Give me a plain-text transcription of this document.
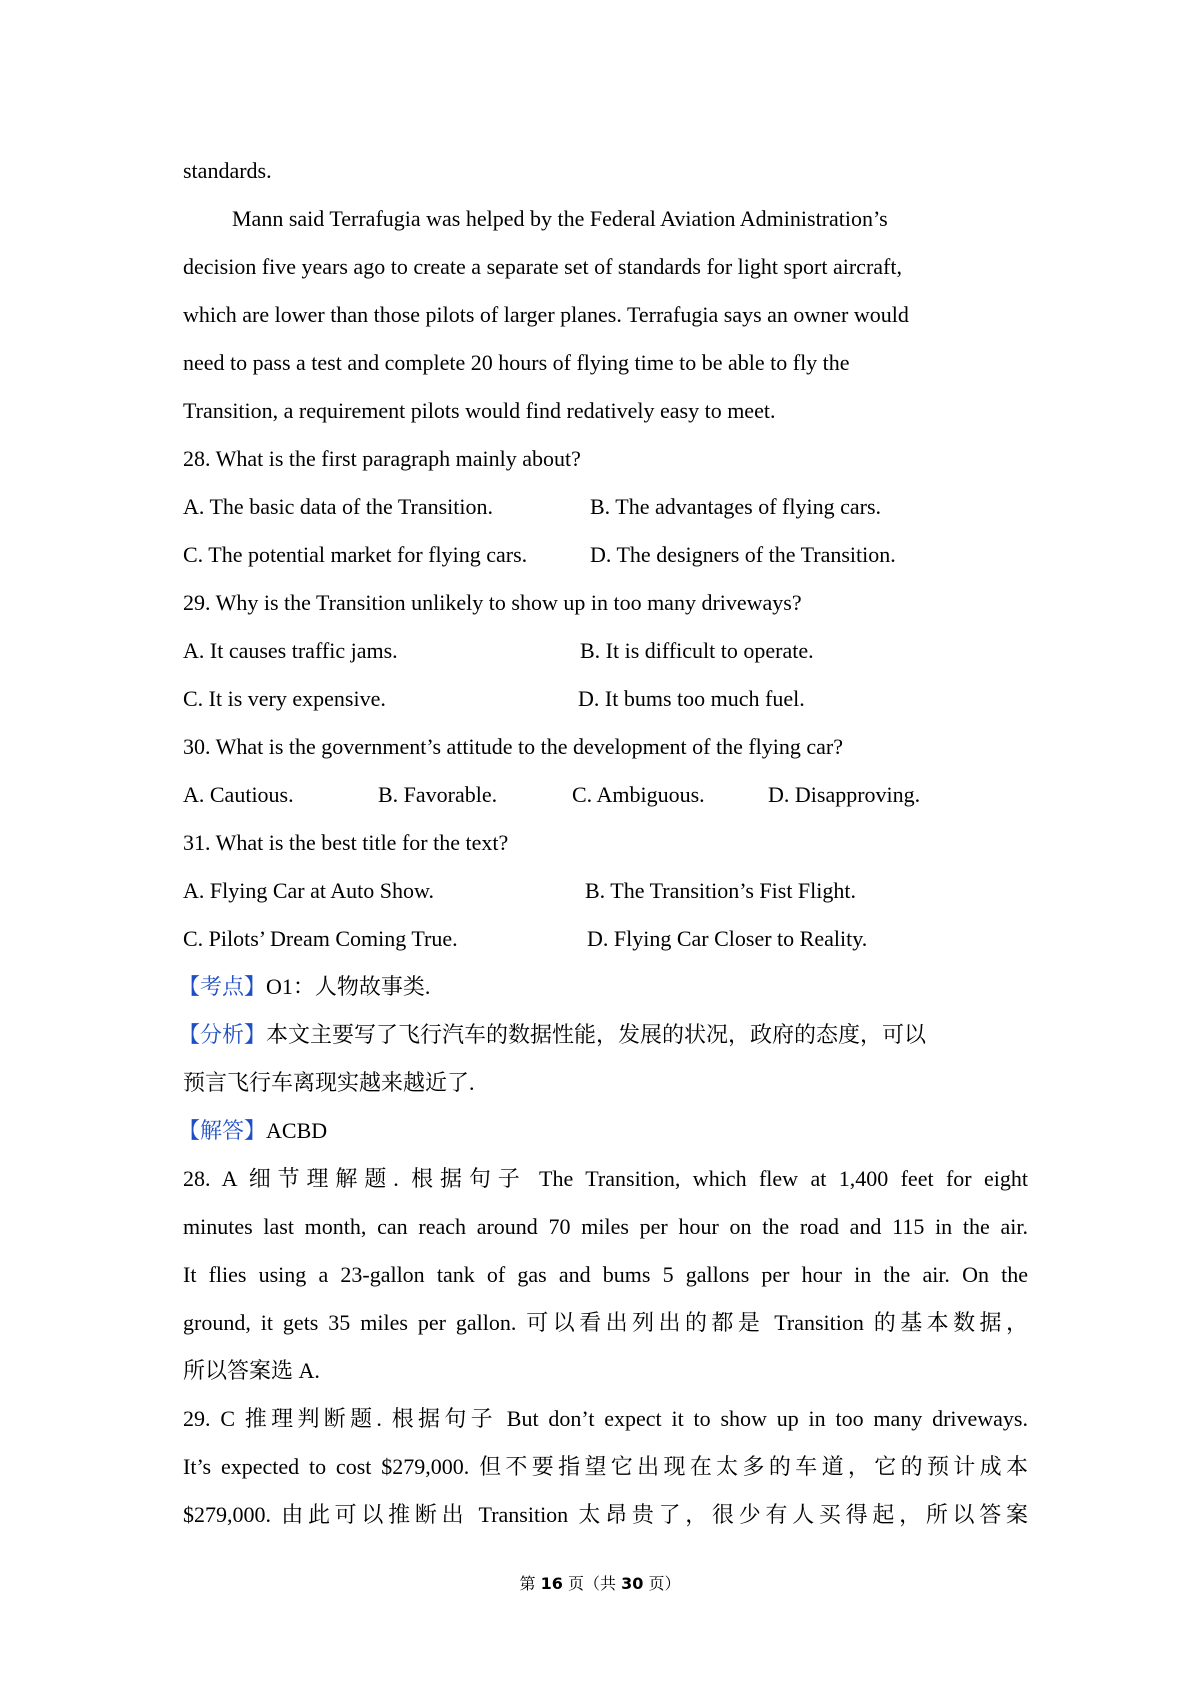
standards.
Mann said Terrafugia was helped by the Federal Aviation Administration’s
decision five years ago to create a separate set of standards for light sport aircraft,
which are lower than those pilots of larger planes. Terrafugia says an owner would
need to pass a test and complete 20 hours of flying time to be able to fly the
Transition, a requirement pilots would find redatively easy to meet.
28. What is the first paragraph mainly about?
A. The basic data of the Transition.	B. The advantages of flying cars.
C. The potential market for flying cars.	D. The designers of the Transition.
29. Why is the Transition unlikely to show up in too many driveways?
A. It causes traffic jams.	B. It is difficult to operate.
C. It is very expensive.	D. It bums too much fuel.
30. What is the government’s attitude to the development of the flying car?
A. Cautious.	B. Favorable.	C. Ambiguous.	D. Disapproving.
31. What is the best title for the text?
A. Flying Car at Auto Show.	B. The Transition’s Fist Flight.
C. Pilots’ Dream Coming True.	D. Flying Car Closer to Reality.
【考点】O1：人物故事类.
【分析】本文主要写了飞行汽车的数据性能，发展的状况，政府的态度，可以
预言飞行车离现实越来越近了.
【解答】ACBD
28. A 细节理解题. 根据句子 The Transition, which flew at 1,400 feet for eight
minutes last month, can reach around 70 miles per hour on the road and 115 in the air.
It flies using a 23-gallon tank of gas and bums 5 gallons per hour in the air. On the
ground, it gets 35 miles per gallon. 可以看出列出的都是 Transition 的基本数据，
所以答案选 A.
29. C 推理判断题. 根据句子 But don’t expect it to show up in too many driveways.
It’s expected to cost $279,000. 但不要指望它出现在太多的车道，它的预计成本
$279,000. 由此可以推断出 Transition 太昂贵了，很少有人买得起，所以答案
第 16 页（共 30 页）
